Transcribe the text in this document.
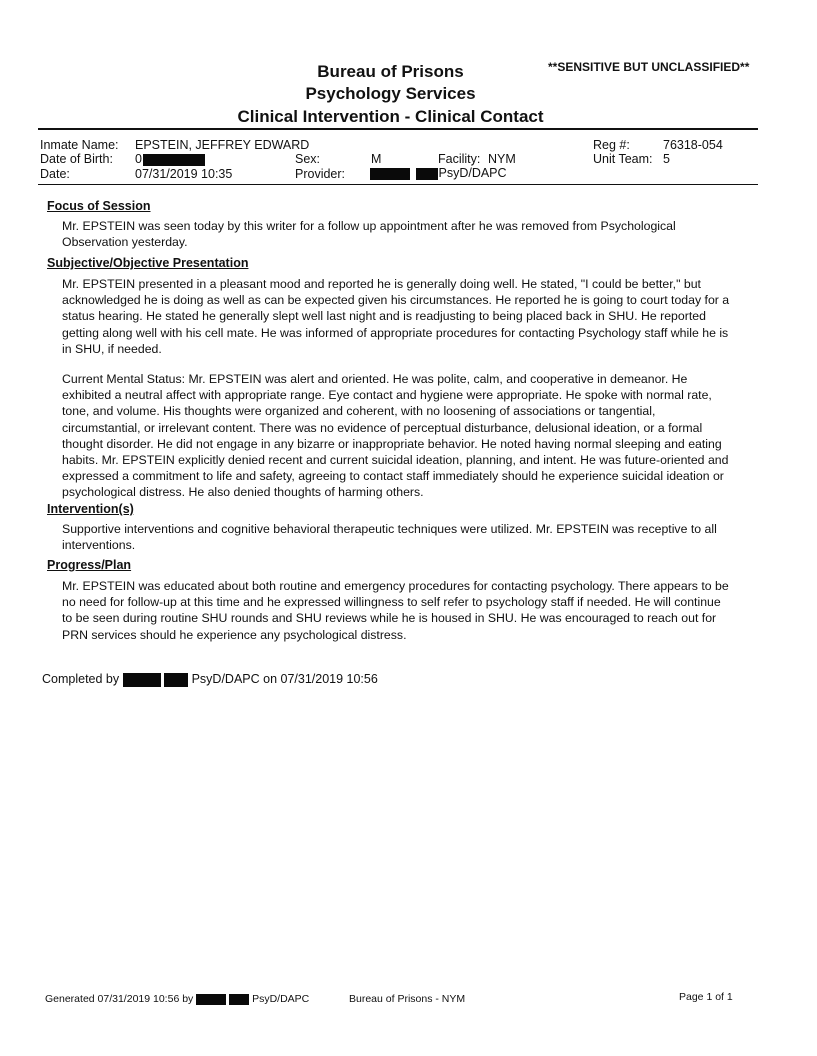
**SENSITIVE BUT UNCLASSIFIED**
Bureau of Prisons
Psychology Services
Clinical Intervention - Clinical Contact
Inmate Name: EPSTEIN, JEFFREY EDWARD
Date of Birth: 0
Date:	07/31/2019 10:35
Sex:	M
Provider:	PsyD/DAPC
Facility: NYM
Reg #:	76318-054
Unit Team: 5
Focus of Session
Mr. EPSTEIN was seen today by this writer for a follow up appointment after he was removed from Psychological Observation yesterday.
Subjective/Objective Presentation
Mr. EPSTEIN presented in a pleasant mood and reported he is generally doing well. He stated, "I could be better," but acknowledged he is doing as well as can be expected given his circumstances. He reported he is going to court today for a status hearing. He stated he generally slept well last night and is readjusting to being placed back in SHU. He reported getting along well with his cell mate. He was informed of appropriate procedures for contacting Psychology staff while he is in SHU, if needed.
Current Mental Status: Mr. EPSTEIN was alert and oriented. He was polite, calm, and cooperative in demeanor. He exhibited a neutral affect with appropriate range. Eye contact and hygiene were appropriate. He spoke with normal rate, tone, and volume. His thoughts were organized and coherent, with no loosening of associations or tangential, circumstantial, or irrelevant content. There was no evidence of perceptual disturbance, delusional ideation, or a formal thought disorder. He did not engage in any bizarre or inappropriate behavior. He noted having normal sleeping and eating habits. Mr. EPSTEIN explicitly denied recent and current suicidal ideation, planning, and intent. He was future-oriented and expressed a commitment to life and safety, agreeing to contact staff immediately should he experience suicidal ideation or psychological distress. He also denied thoughts of harming others.
Intervention(s)
Supportive interventions and cognitive behavioral therapeutic techniques were utilized. Mr. EPSTEIN was receptive to all interventions.
Progress/Plan
Mr. EPSTEIN was educated about both routine and emergency procedures for contacting psychology. There appears to be no need for follow-up at this time and he expressed willingness to self refer to psychology staff if needed. He will continue to be seen during routine SHU rounds and SHU reviews while he is housed in SHU. He was encouraged to reach out for PRN services should he experience any psychological distress.
Completed by	PsyD/DAPC on 07/31/2019 10:56
Generated 07/31/2019 10:56 by	PsyD/DAPC	Bureau of Prisons - NYM	Page 1 of 1
